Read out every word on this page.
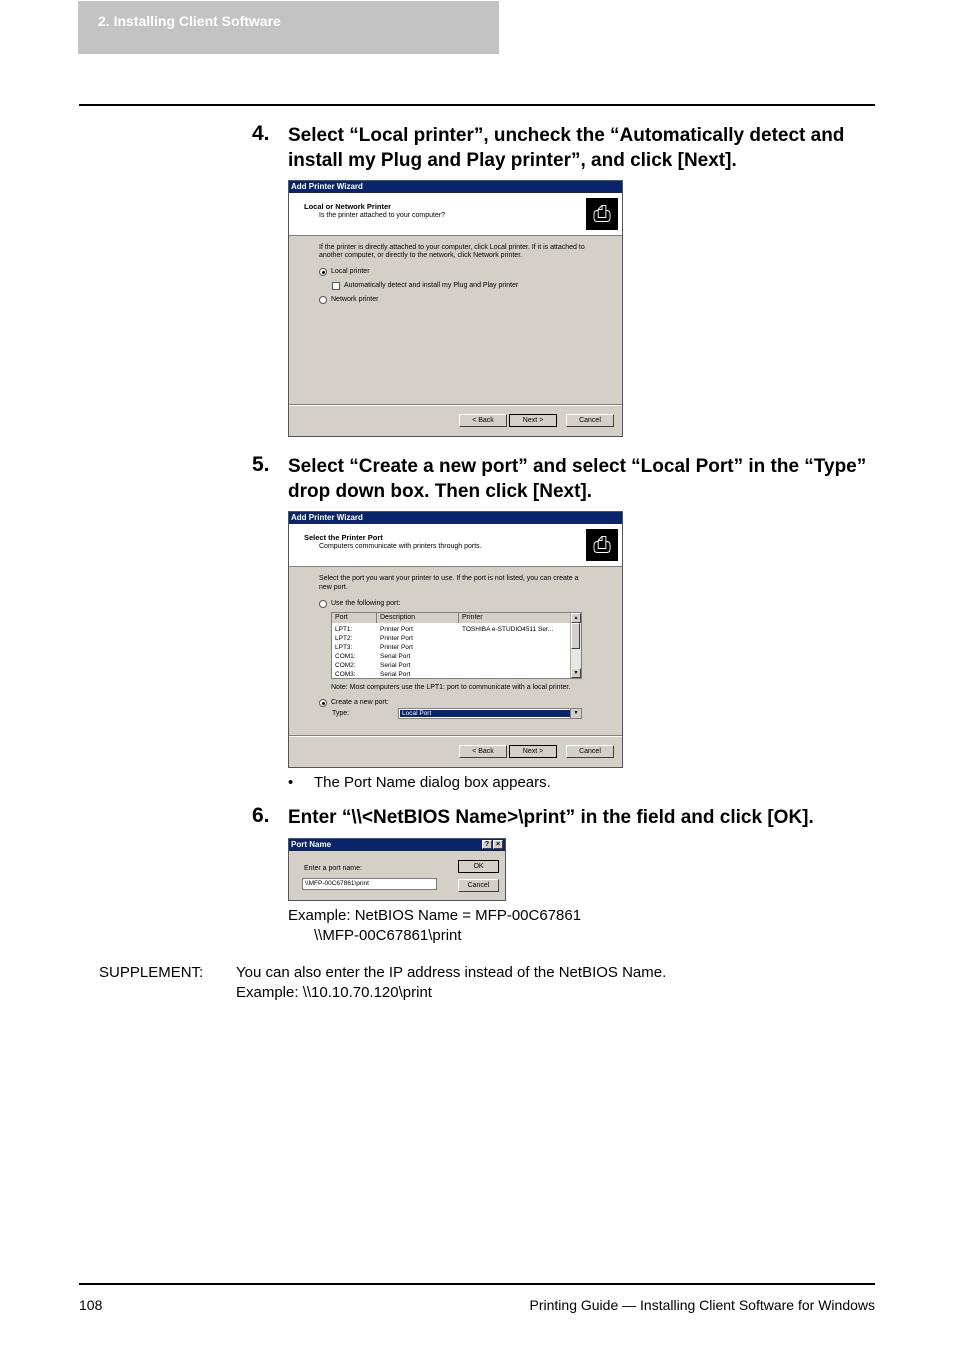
2. Installing Client Software
4. Select “Local printer”, uncheck the “Automatically detect and install my Plug and Play printer”, and click [Next].
Add Printer Wizard
Local or Network Printer
Is the printer attached to your computer?	⎙
If the printer is directly attached to your computer, click Local printer. If it is attached to
another computer, or directly to the network, click Network printer.
Local printer
Automatically detect and install my Plug and Play printer
Network printer
< Back	Next >	Cancel
5. Select “Create a new port” and select “Local Port” in the “Type” drop down box. Then click [Next].
Add Printer Wizard
Select the Printer Port
Computers communicate with printers through ports.	⎙
Select the port you want your printer to use. If the port is not listed, you can create a
new port.
Use the following port:
Port	Description	Printer
LPT1:	Printer Port	TOSHIBA e-STUDIO4511 Ser...
LPT2:	Printer Port
LPT3:	Printer Port
COM1:	Serial Port
COM2:	Serial Port
COM3:	Serial Port
▲
▼
Note: Most computers use the LPT1: port to communicate with a local printer.
Create a new port:
Type:	Local Port	▼
< Back	Next >	Cancel
• The Port Name dialog box appears.
6. Enter “\\<NetBIOS Name>\print” in the field and click [OK].
Port Name	? ×
Enter a port name:
\\MFP-00C67861\print
OK
Cancel
Example: NetBIOS Name = MFP-00C67861
\\MFP-00C67861\print
SUPPLEMENT: You can also enter the IP address instead of the NetBIOS Name.
Example: \\10.10.70.120\print
108	Printing Guide — Installing Client Software for Windows
